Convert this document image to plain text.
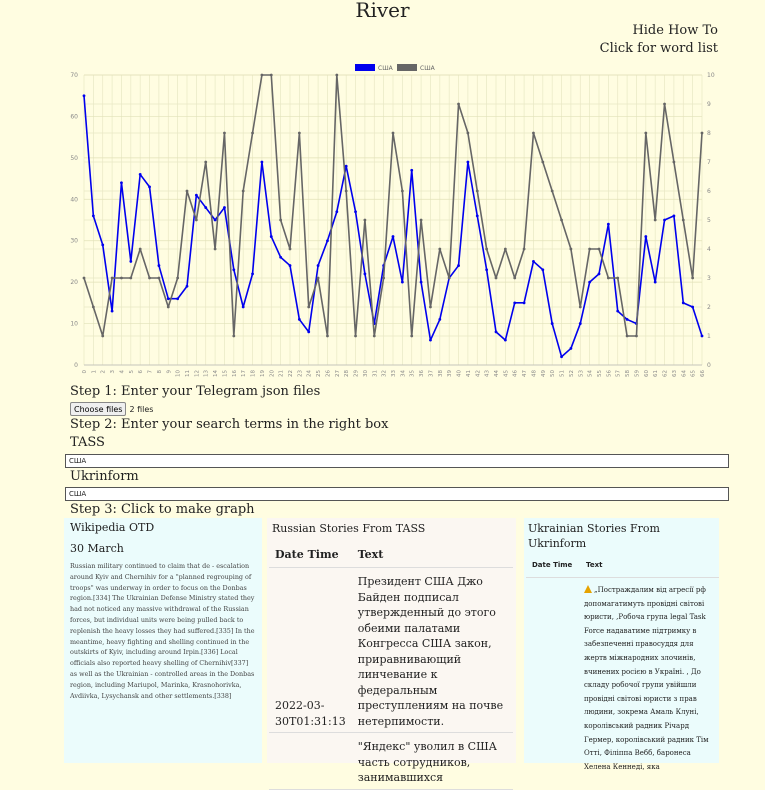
River
Hide How To
Click for word list
0 1 2 3 4 5 6 7 8 9 10 11 12 13 14 15 16 17 18 19 20 21 22 23 24 25 26 27 28 29 30 31 32 33 34 35 36 37 38 39 40 41 42 43 44 45 46 47 48 49 50 51 52 53 54 55 56 57 58 59 60 61 62 63 64 65 66
0
1
2
3
4
5
6
7
8
9
10
0
10
20
30
40
50
60
70
США	США
Step 1: Enter your Telegram json files
Choose files 2 files
Step 2: Enter your search terms in the right box
TASS
США
Ukrinform
США
Step 3: Click to make graph
Wikipedia OTD
30 March

Russian military continued to claim that de - escalation around Kyiv and Chernihiv for a "planned regrouping of troops" was underway in order to focus on the Donbas region.[334] The Ukrainian Defense Ministry stated they had not noticed any massive withdrawal of the Russian forces, but individual units were being pulled back to replenish the heavy losses they had suffered.[335] In the meantime, heavy fighting and shelling continued in the outskirts of Kyiv, including around Irpin.[336] Local officials also reported heavy shelling of Chernihiv[337] as well as the Ukrainian - controlled areas in the Donbas region, including Mariupol, Marinka, Krasnohorivka, Avdiivka, Lysychansk and other settlements.[338]

Russian Stories From TASS
Date Time	Text
2022-03-30T01:31:13	Президент США Джо Байден подписал утвержденный до этого обеими палатами Конгресса США закон, приравнивающий линчевание к федеральным преступлениям на почве нетерпимости.
	"Яндекс" уволил в США часть сотрудников, занимавшихся
Ukrainian Stories From Ukrinform
Date Time	Text
	„Постраждалим від агресії рф допомагатимуть провідні світові юристи, ,Робоча група legal Task Force надаватиме підтримку в забезпеченні правосуддя для жертв міжнародних злочинів, вчинених росією в Україні. , До складу робочої групи увійшли провідні світові юристи з прав людини, зокрема Амаль Клуні, королівський радник Річард Гермер, королівський радник Тім Отті, Філіппа Вебб, баронеса Хелена Кеннеді, яка
